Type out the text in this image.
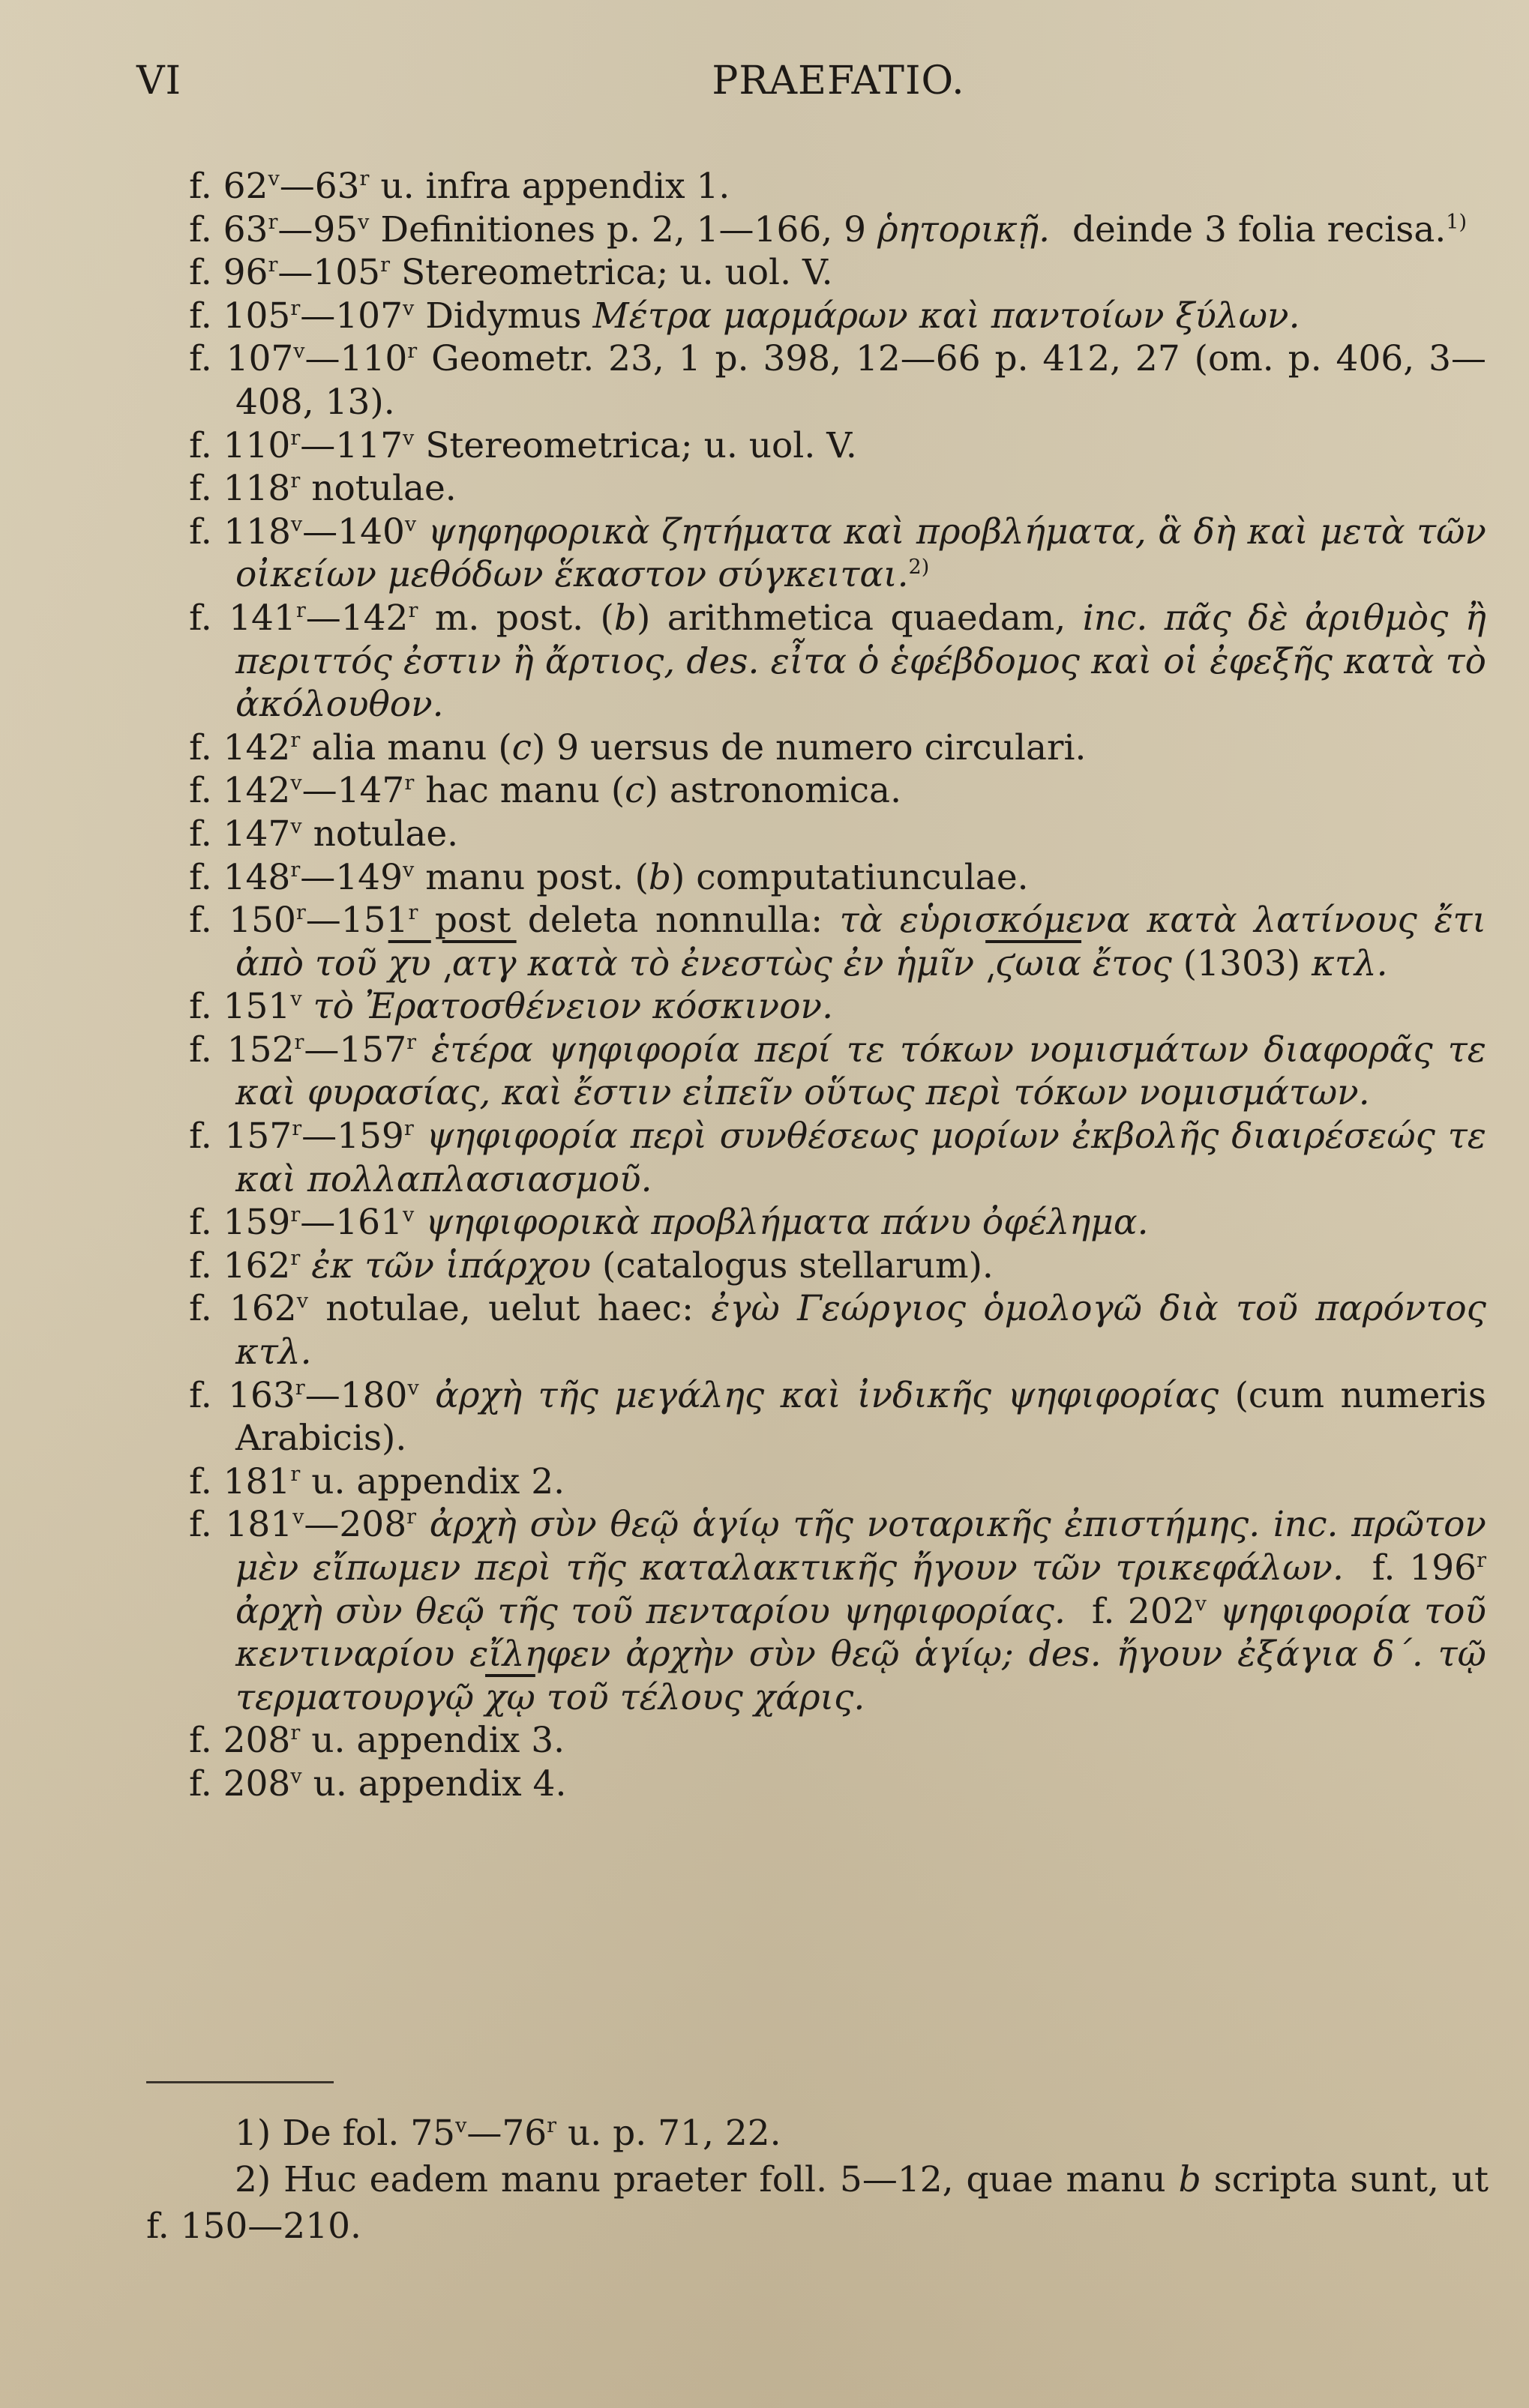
VI	PRAEFATIO.
f. 62$^v$—63$^r$ u. infra appendix 1.
f. 63$^r$—95$^v$ Definitiones p. 2, 1—166, 9 ῥητορικῇ. deinde 3 folia recisa.$^{1)}$
f. 96$^r$—105$^r$ Stereometrica; u. uol. V.
f. 105$^r$—107$^v$ Didymus Μέτρα μαρμάρων καὶ παντοίων ξύλων.
f. 107$^v$—110$^r$ Geometr. 23, 1 p. 398, 12—66 p. 412, 27 (om. p. 406, 3—408, 13).
f. 110$^r$—117$^v$ Stereometrica; u. uol. V.
f. 118$^r$ notulae.
f. 118$^v$—140$^v$ ψηφηφορικὰ ζητήματα καὶ προβλήματα, ἃ δὴ καὶ μετὰ τῶν οἰκείων μεθόδων ἕκαστον σύγκειται.$^{2)}$
f. 141$^r$—142$^r$ m. post. (b) arithmetica quaedam, inc. πᾶς δὲ ἀριθμὸς ἢ περιττός ἐστιν ἢ ἄρτιος, des. εἶτα ὁ ἑφέβδομος καὶ οἱ ἐφεξῆς κατὰ τὸ ἀκόλουθον.
f. 142$^r$ alia manu (c) 9 uersus de numero circulari.
f. 142$^v$—147$^r$ hac manu (c) astronomica.
f. 147$^v$ notulae.
f. 148$^r$—149$^v$ manu post. (b) computatiunculae.
f. 150$^r$—151$^r$ post deleta nonnulla: τὰ εὑρισκόμενα κατὰ λατίνους ἔτι ἀπὸ τοῦ $\overline{\chi\upsilon}$ ͵ατγ κατὰ τὸ ἐνεστὼς ἐν ἡμῖν ͵ϛωια ἔτος (1303) κτλ.
f. 151$^v$ τὸ Ἐρατοσθένειον κόσκινον.
f. 152$^r$—157$^r$ ἑτέρα ψηφιφορία περί τε τόκων νομισμάτων διαφορᾶς τε καὶ φυρασίας, καὶ ἔστιν εἰπεῖν οὕτως περὶ τόκων νομισμάτων.
f. 157$^r$—159$^r$ ψηφιφορία περὶ συνθέσεως μορίων ἐκβολῆς διαιρέσεώς τε καὶ πολλαπλασιασμοῦ.
f. 159$^r$—161$^v$ ψηφιφορικὰ προβλήματα πάνυ ὀφέλημα.
f. 162$^r$ ἐκ τῶν ἱπάρχου (catalogus stellarum).
f. 162$^v$ notulae, uelut haec: ἐγὼ Γεώργιος ὁμολογῶ διὰ τοῦ παρόντος κτλ.
f. 163$^r$—180$^v$ ἀρχὴ τῆς μεγάλης καὶ ἰνδικῆς ψηφιφορίας (cum numeris Arabicis).
f. 181$^r$ u. appendix 2.
f. 181$^v$—208$^r$ ἀρχὴ σὺν θεῷ ἁγίῳ τῆς νοταρικῆς ἐπιστήμης. inc. πρῶτον μὲν εἴπωμεν περὶ τῆς καταλακτικῆς ἤγουν τῶν τρικεφάλων. f. 196$^r$ ἀρχὴ σὺν θεῷ τῆς τοῦ πενταρίου ψηφιφορίας. f. 202$^v$ ψηφιφορία τοῦ κεντιναρίου εἴληφεν ἀρχὴν σὺν θεῷ ἁγίῳ; des. ἤγουν ἐξάγια δ΄. τῷ τερματουργῷ $\overline{\chi ῳ}$ τοῦ τέλους χάρις.
f. 208$^r$ u. appendix 3.
f. 208$^v$ u. appendix 4.
1) De fol. 75$^v$—76$^r$ u. p. 71, 22.
2) Huc eadem manu praeter foll. 5—12, quae manu b scripta sunt, ut f. 150—210.
